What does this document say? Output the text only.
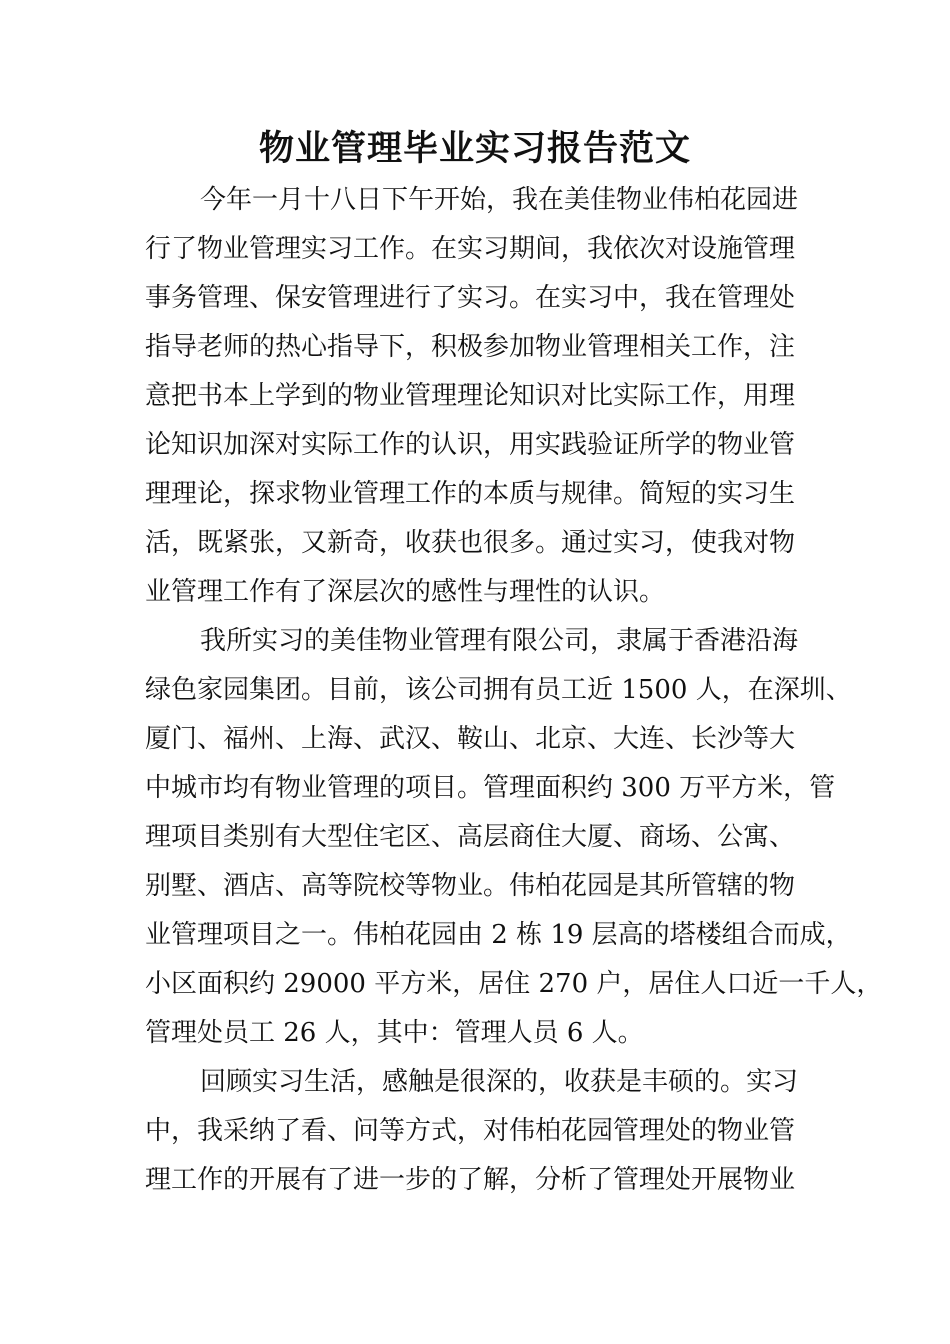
物业管理毕业实习报告范文
今年一月十八日下午开始，我在美佳物业伟柏花园进
行了物业管理实习工作。在实习期间，我依次对设施管理
事务管理、保安管理进行了实习。在实习中，我在管理处
指导老师的热心指导下，积极参加物业管理相关工作，注
意把书本上学到的物业管理理论知识对比实际工作，用理
论知识加深对实际工作的认识，用实践验证所学的物业管
理理论，探求物业管理工作的本质与规律。简短的实习生
活，既紧张，又新奇，收获也很多。通过实习，使我对物
业管理工作有了深层次的感性与理性的认识。
我所实习的美佳物业管理有限公司，隶属于香港沿海
绿色家园集团。目前，该公司拥有员工近 1500 人，在深圳、
厦门、福州、上海、武汉、鞍山、北京、大连、长沙等大
中城市均有物业管理的项目。管理面积约 300 万平方米，管
理项目类别有大型住宅区、高层商住大厦、商场、公寓、
别墅、酒店、高等院校等物业。伟柏花园是其所管辖的物
业管理项目之一。伟柏花园由 2 栋 19 层高的塔楼组合而成，
小区面积约 29000 平方米，居住 270 户，居住人口近一千人，
管理处员工 26 人，其中：管理人员 6 人。
回顾实习生活，感触是很深的，收获是丰硕的。实习
中，我采纳了看、问等方式，对伟柏花园管理处的物业管
理工作的开展有了进一步的了解，分析了管理处开展物业
